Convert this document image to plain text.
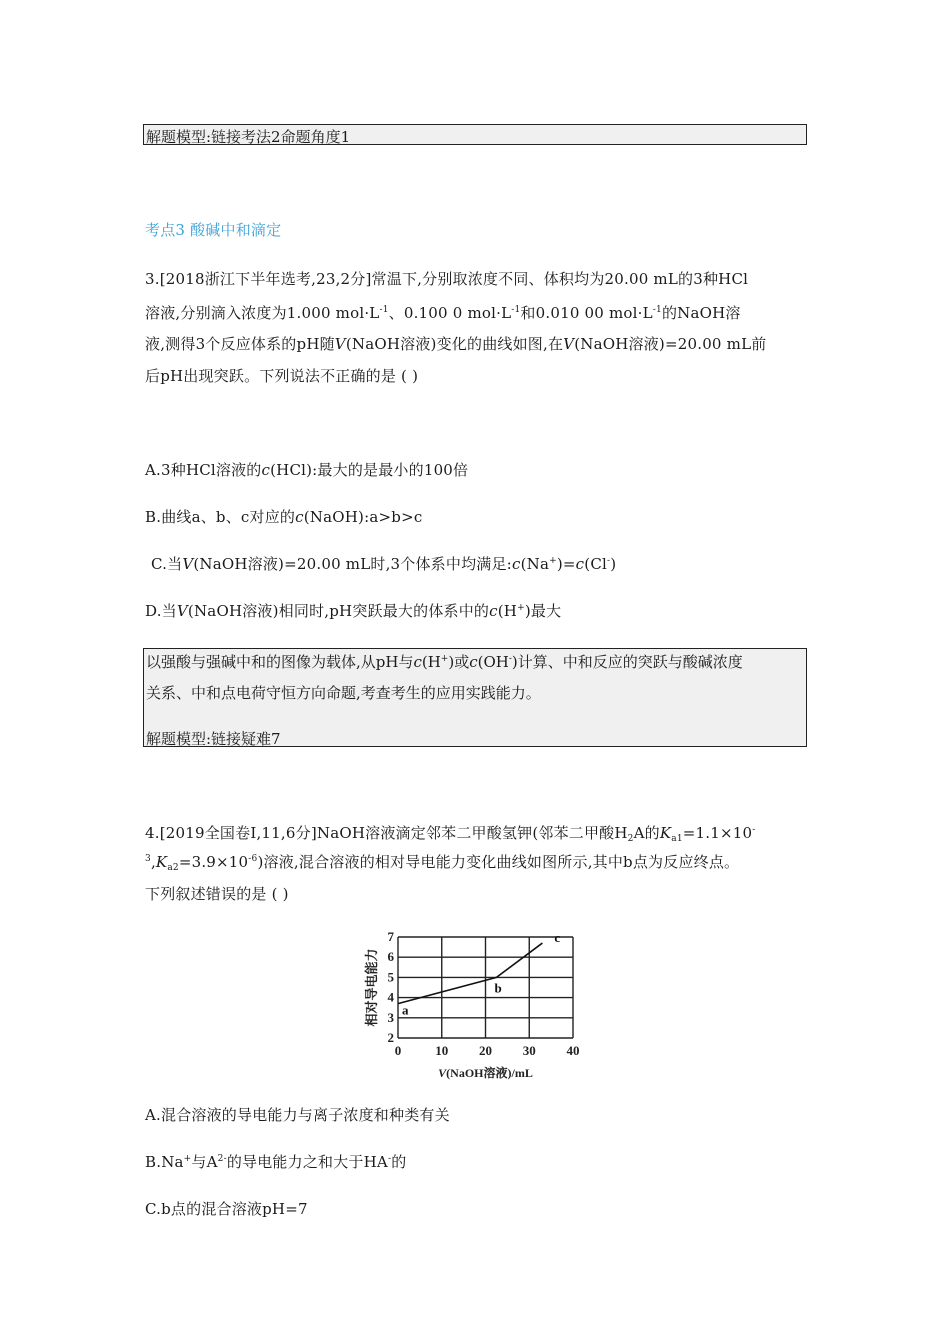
解题模型:链接考法2命题角度1
考点3 酸碱中和滴定
3.[2018浙江下半年选考,23,2分]常温下,分别取浓度不同、体积均为20.00 mL的3种HCl
溶液,分别滴入浓度为1.000 $mol\cdot L^{-1}$、0.100 0 $mol\cdot L^{-1}$和0.010 00 $mol\cdot L^{-1}$的NaOH溶
液,测得3个反应体系的pH随V(NaOH溶液)变化的曲线如图,在V(NaOH溶液)=20.00 mL前
后pH出现突跃。下列说法不正确的是 ( )
A.3种HCl溶液的c(HCl):最大的是最小的100倍
B.曲线a、b、c对应的c(NaOH):a>b>c
C.当V(NaOH溶液)=20.00 mL时,3个体系中均满足:c(Na+)=c(Cl-)
D.当V(NaOH溶液)相同时,pH突跃最大的体系中的c(H+)最大
以强酸与强碱中和的图像为载体,从pH与c(H+)或c(OH-)计算、中和反应的突跃与酸碱浓度
关系、中和点电荷守恒方向命题,考查考生的应用实践能力。
解题模型:链接疑难7
4.[2019全国卷Ⅰ,11,6分]NaOH溶液滴定邻苯二甲酸氢钾(邻苯二甲酸$H_2A$的$K_{a1}=1.1\times 10^-$
$^3,K_{a2}=3.9\times 10^{-6}$)溶液,混合溶液的相对导电能力变化曲线如图所示,其中b点为反应终点。
下列叙述错误的是 ( )
0	10 20 30 40
2
3
4
5
6
7
a
b
c
V(NaOH溶液)/mL
相对导电能力
A.混合溶液的导电能力与离子浓度和种类有关
B.Na+与$A^{2-}$的导电能力之和大于HA-的
C.b点的混合溶液pH=7
